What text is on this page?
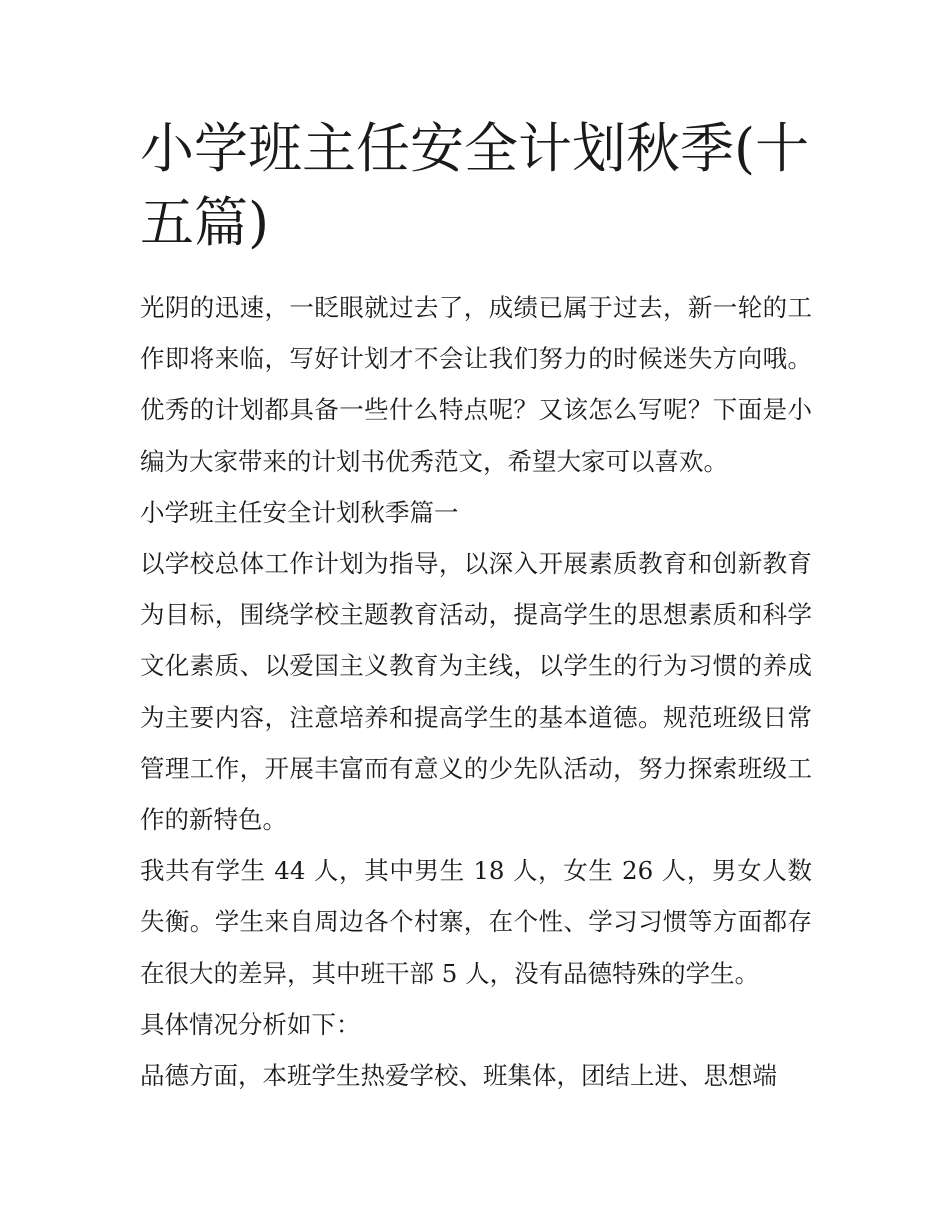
小学班主任安全计划秋季(十五篇)

光阴的迅速，一眨眼就过去了，成绩已属于过去，新一轮的工作即将来临，写好计划才不会让我们努力的时候迷失方向哦。优秀的计划都具备一些什么特点呢？又该怎么写呢？下面是小编为大家带来的计划书优秀范文，希望大家可以喜欢。

小学班主任安全计划秋季篇一

以学校总体工作计划为指导，以深入开展素质教育和创新教育为目标，围绕学校主题教育活动，提高学生的思想素质和科学文化素质、以爱国主义教育为主线，以学生的行为习惯的养成为主要内容，注意培养和提高学生的基本道德。规范班级日常管理工作，开展丰富而有意义的少先队活动，努力探索班级工作的新特色。

我共有学生 44 人，其中男生 18 人，女生 26 人，男女人数失衡。学生来自周边各个村寨，在个性、学习习惯等方面都存在很大的差异，其中班干部 5 人，没有品德特殊的学生。

具体情况分析如下：

品德方面，本班学生热爱学校、班集体，团结上进、思想端
